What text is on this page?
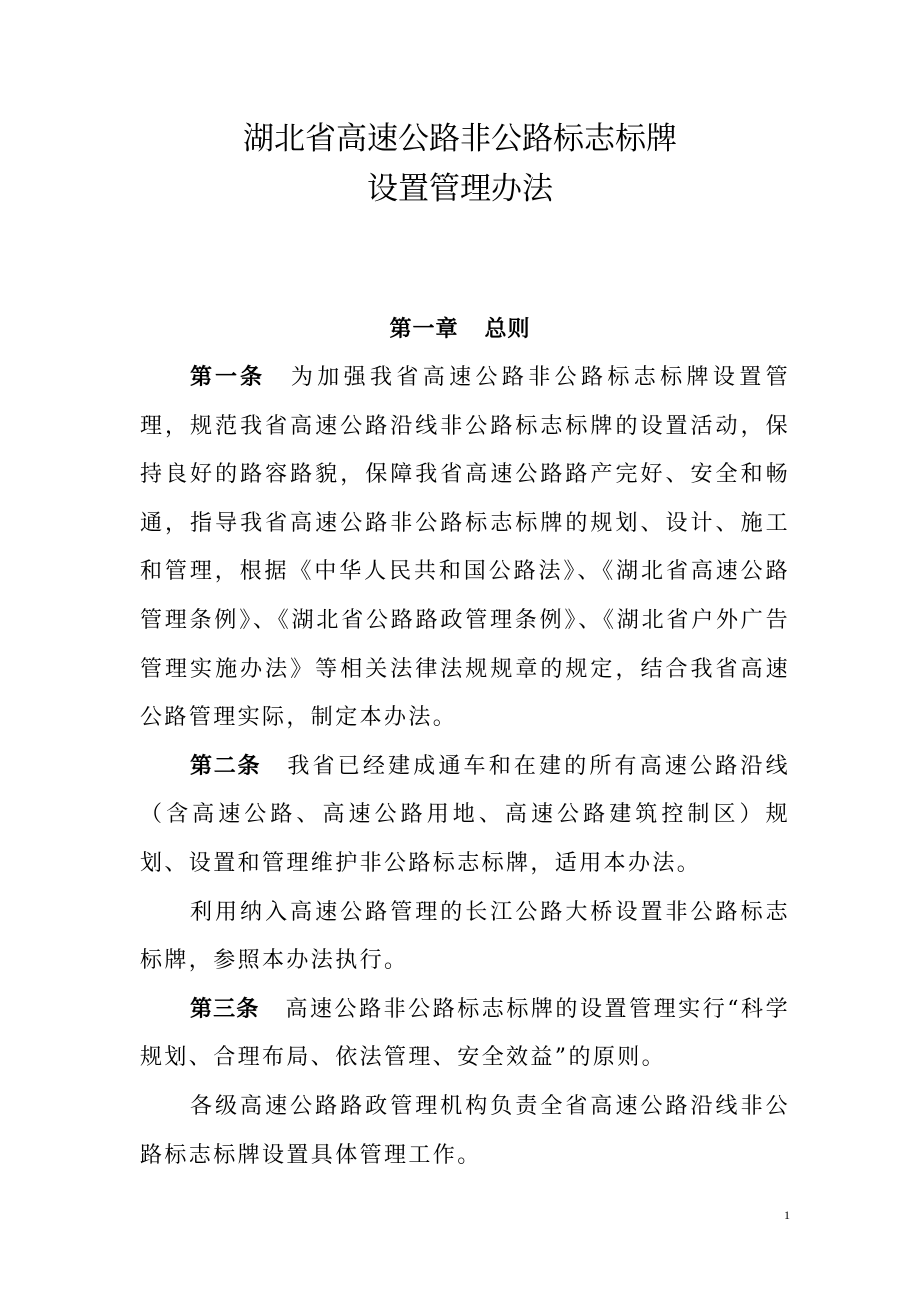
湖北省高速公路非公路标志标牌
设置管理办法
第一章 总则

第一条 为加强我省高速公路非公路标志标牌设置管理，规范我省高速公路沿线非公路标志标牌的设置活动，保持良好的路容路貌，保障我省高速公路路产完好、安全和畅通，指导我省高速公路非公路标志标牌的规划、设计、施工和管理，根据《中华人民共和国公路法》、《湖北省高速公路管理条例》、《湖北省公路路政管理条例》、《湖北省户外广告管理实施办法》等相关法律法规规章的规定，结合我省高速公路管理实际，制定本办法。

第二条 我省已经建成通车和在建的所有高速公路沿线（含高速公路、高速公路用地、高速公路建筑控制区）规划、设置和管理维护非公路标志标牌，适用本办法。

利用纳入高速公路管理的长江公路大桥设置非公路标志标牌，参照本办法执行。

第三条 高速公路非公路标志标牌的设置管理实行“科学规划、合理布局、依法管理、安全效益”的原则。

各级高速公路路政管理机构负责全省高速公路沿线非公路标志标牌设置具体管理工作。

1
